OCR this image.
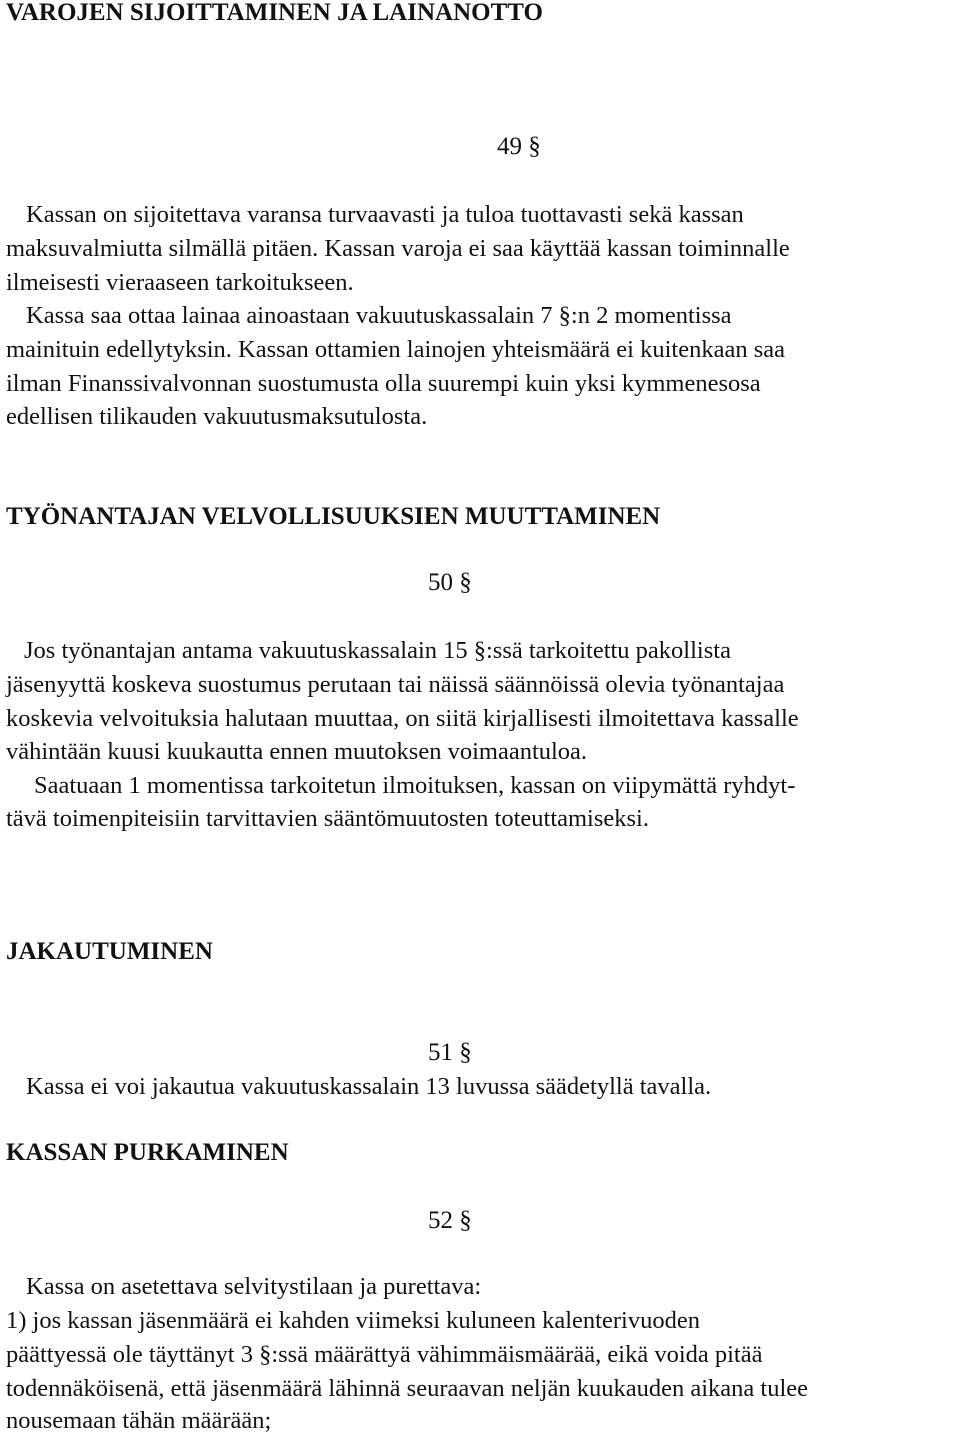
VAROJEN SIJOITTAMINEN JA LAINANOTTO
49 §
Kassan on sijoitettava varansa turvaavasti ja tuloa tuottavasti sekä kassan
maksuvalmiutta silmällä pitäen. Kassan varoja ei saa käyttää kassan toiminnalle
ilmeisesti vieraaseen tarkoitukseen.
Kassa saa ottaa lainaa ainoastaan vakuutuskassalain 7 §:n 2 momentissa
mainituin edellytyksin. Kassan ottamien lainojen yhteismäärä ei kuitenkaan saa
ilman Finanssivalvonnan suostumusta olla suurempi kuin yksi kymmenesosa
edellisen tilikauden vakuutusmaksutulosta.
TYÖNANTAJAN VELVOLLISUUKSIEN MUUTTAMINEN
50 §
Jos työnantajan antama vakuutuskassalain 15 §:ssä tarkoitettu pakollista
jäsenyyttä koskeva suostumus perutaan tai näissä säännöissä olevia työnantajaa
koskevia velvoituksia halutaan muuttaa, on siitä kirjallisesti ilmoitettava kassalle
vähintään kuusi kuukautta ennen muutoksen voimaantuloa.
Saatuaan 1 momentissa tarkoitetun ilmoituksen, kassan on viipymättä ryhdyt-
tävä toimenpiteisiin tarvittavien sääntömuutosten toteuttamiseksi.
JAKAUTUMINEN
51 §
Kassa ei voi jakautua vakuutuskassalain 13 luvussa säädetyllä tavalla.
KASSAN PURKAMINEN
52 §
Kassa on asetettava selvitystilaan ja purettava:
1) jos kassan jäsenmäärä ei kahden viimeksi kuluneen kalenterivuoden
päättyessä ole täyttänyt 3 §:ssä määrättyä vähimmäismäärää, eikä voida pitää
todennäköisenä, että jäsenmäärä lähinnä seuraavan neljän kuukauden aikana tulee
nousemaan tähän määrään;
